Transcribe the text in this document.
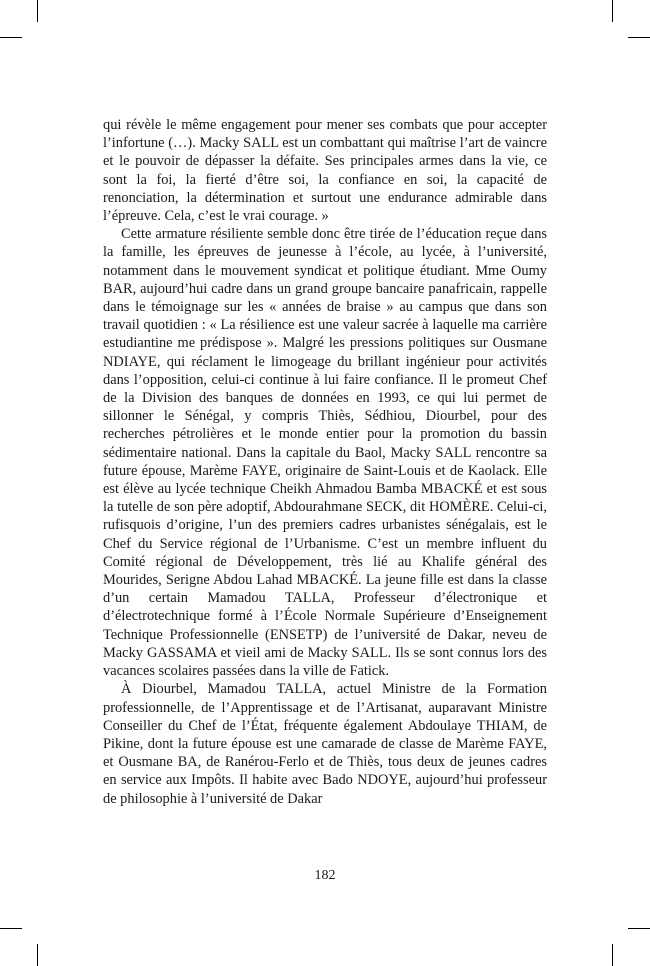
qui révèle le même engagement pour mener ses combats que pour accepter l’infortune (…). Macky SALL est un combattant qui maîtrise l’art de vaincre et le pouvoir de dépasser la défaite. Ses principales armes dans la vie, ce sont la foi, la fierté d’être soi, la confiance en soi, la capacité de renonciation, la détermination et surtout une endurance admirable dans l’épreuve. Cela, c’est le vrai courage. »

Cette armature résiliente semble donc être tirée de l’éducation reçue dans la famille, les épreuves de jeunesse à l’école, au lycée, à l’université, notamment dans le mouvement syndicat et politique étudiant. Mme Oumy BAR, aujourd’hui cadre dans un grand groupe bancaire panafricain, rappelle dans le témoignage sur les « années de braise » au campus que dans son travail quotidien : « La résilience est une valeur sacrée à laquelle ma carrière estudiantine me prédispose ». Malgré les pressions politiques sur Ousmane NDIAYE, qui réclament le limogeage du brillant ingénieur pour activités dans l’opposition, celui-ci continue à lui faire confiance. Il le promeut Chef de la Division des banques de données en 1993, ce qui lui permet de sillonner le Sénégal, y compris Thiès, Sédhiou, Diourbel, pour des recherches pétrolières et le monde entier pour la promotion du bassin sédimentaire national. Dans la capitale du Baol, Macky SALL rencontre sa future épouse, Marème FAYE, originaire de Saint-Louis et de Kaolack. Elle est élève au lycée technique Cheikh Ahmadou Bamba MBACKÉ et est sous la tutelle de son père adoptif, Abdourahmane SECK, dit HOMÈRE. Celui-ci, rufisquois d’origine, l’un des premiers cadres urbanistes sénégalais, est le Chef du Service régional de l’Urbanisme. C’est un membre influent du Comité régional de Développement, très lié au Khalife général des Mourides, Serigne Abdou Lahad MBACKÉ. La jeune fille est dans la classe d’un certain Mamadou TALLA, Professeur d’électronique et d’électrotechnique formé à l’École Normale Supérieure d’Enseignement Technique Professionnelle (ENSETP) de l’université de Dakar, neveu de Macky GASSAMA et vieil ami de Macky SALL. Ils se sont connus lors des vacances scolaires passées dans la ville de Fatick.

À Diourbel, Mamadou TALLA, actuel Ministre de la Formation professionnelle, de l’Apprentissage et de l’Artisanat, auparavant Ministre Conseiller du Chef de l’État, fréquente également Abdoulaye THIAM, de Pikine, dont la future épouse est une camarade de classe de Marème FAYE, et Ousmane BA, de Ranérou-Ferlo et de Thiès, tous deux de jeunes cadres en service aux Impôts. Il habite avec Bado NDOYE, aujourd’hui professeur de philosophie à l’université de Dakar

182
